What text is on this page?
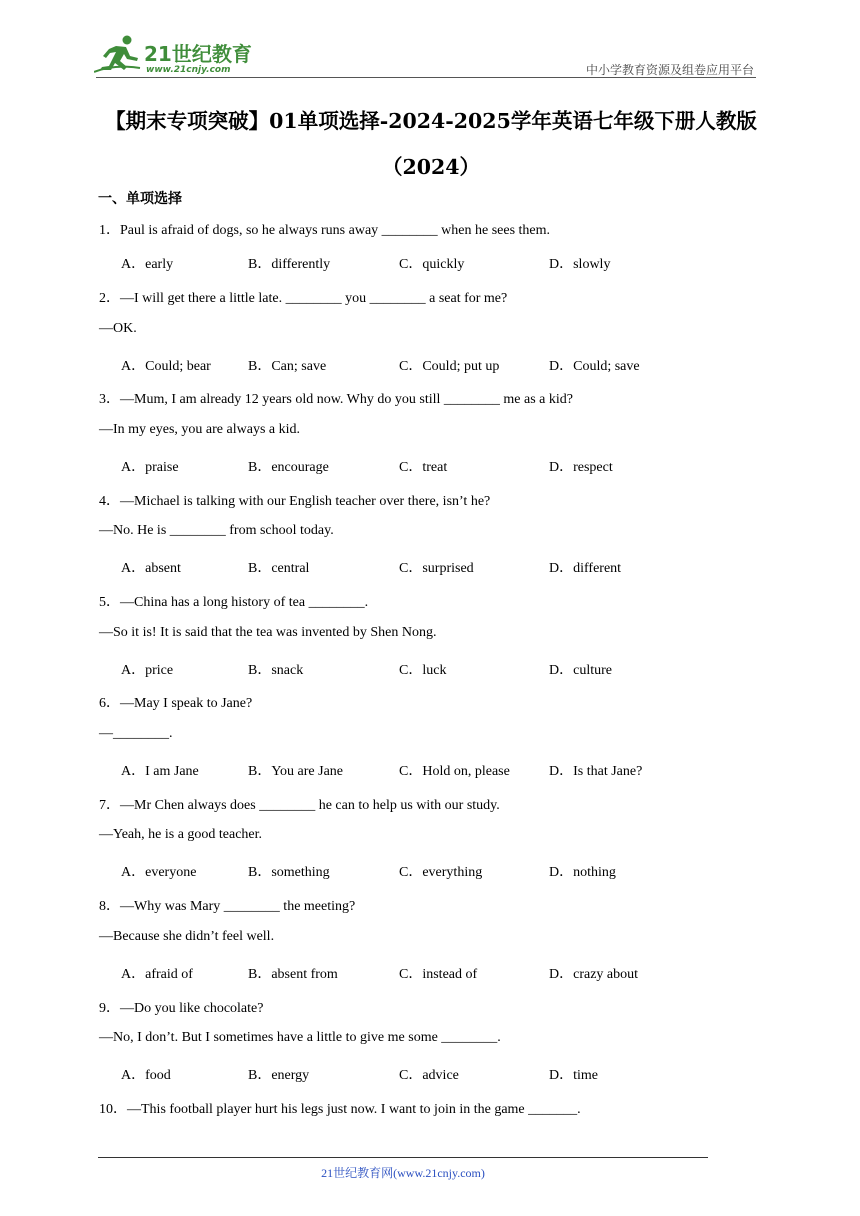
21世纪教育
www.21cnjy.com	中小学教育资源及组卷应用平台
【期末专项突破】01单项选择-2024-2025学年英语七年级下册人教版
（2024）
一、单项选择
1．Paul is afraid of dogs, so he always runs away ________ when he sees them.
A．early	B．differently	C．quickly	D．slowly
2．—I will get there a little late. ________ you ________ a seat for me?
—OK.
A．Could; bear	B．Can; save	C．Could; put up	D．Could; save
3．—Mum, I am already 12 years old now. Why do you still ________ me as a kid?
—In my eyes, you are always a kid.
A．praise	B．encourage	C．treat	D．respect
4．—Michael is talking with our English teacher over there, isn’t he?
—No. He is ________ from school today.
A．absent	B．central	C．surprised	D．different
5．—China has a long history of tea ________.
—So it is! It is said that the tea was invented by Shen Nong.
A．price	B．snack	C．luck	D．culture
6．—May I speak to Jane?
—________.
A．I am Jane	B．You are Jane	C．Hold on, please	D．Is that Jane?
7．—Mr Chen always does ________ he can to help us with our study.
—Yeah, he is a good teacher.
A．everyone	B．something	C．everything	D．nothing
8．—Why was Mary ________ the meeting?
—Because she didn’t feel well.
A．afraid of	B．absent from	C．instead of	D．crazy about
9．—Do you like chocolate?
—No, I don’t. But I sometimes have a little to give me some ________.
A．food	B．energy	C．advice	D．time
10．—This football player hurt his legs just now. I want to join in the game _______.
21世纪教育网(www.21cnjy.com)
